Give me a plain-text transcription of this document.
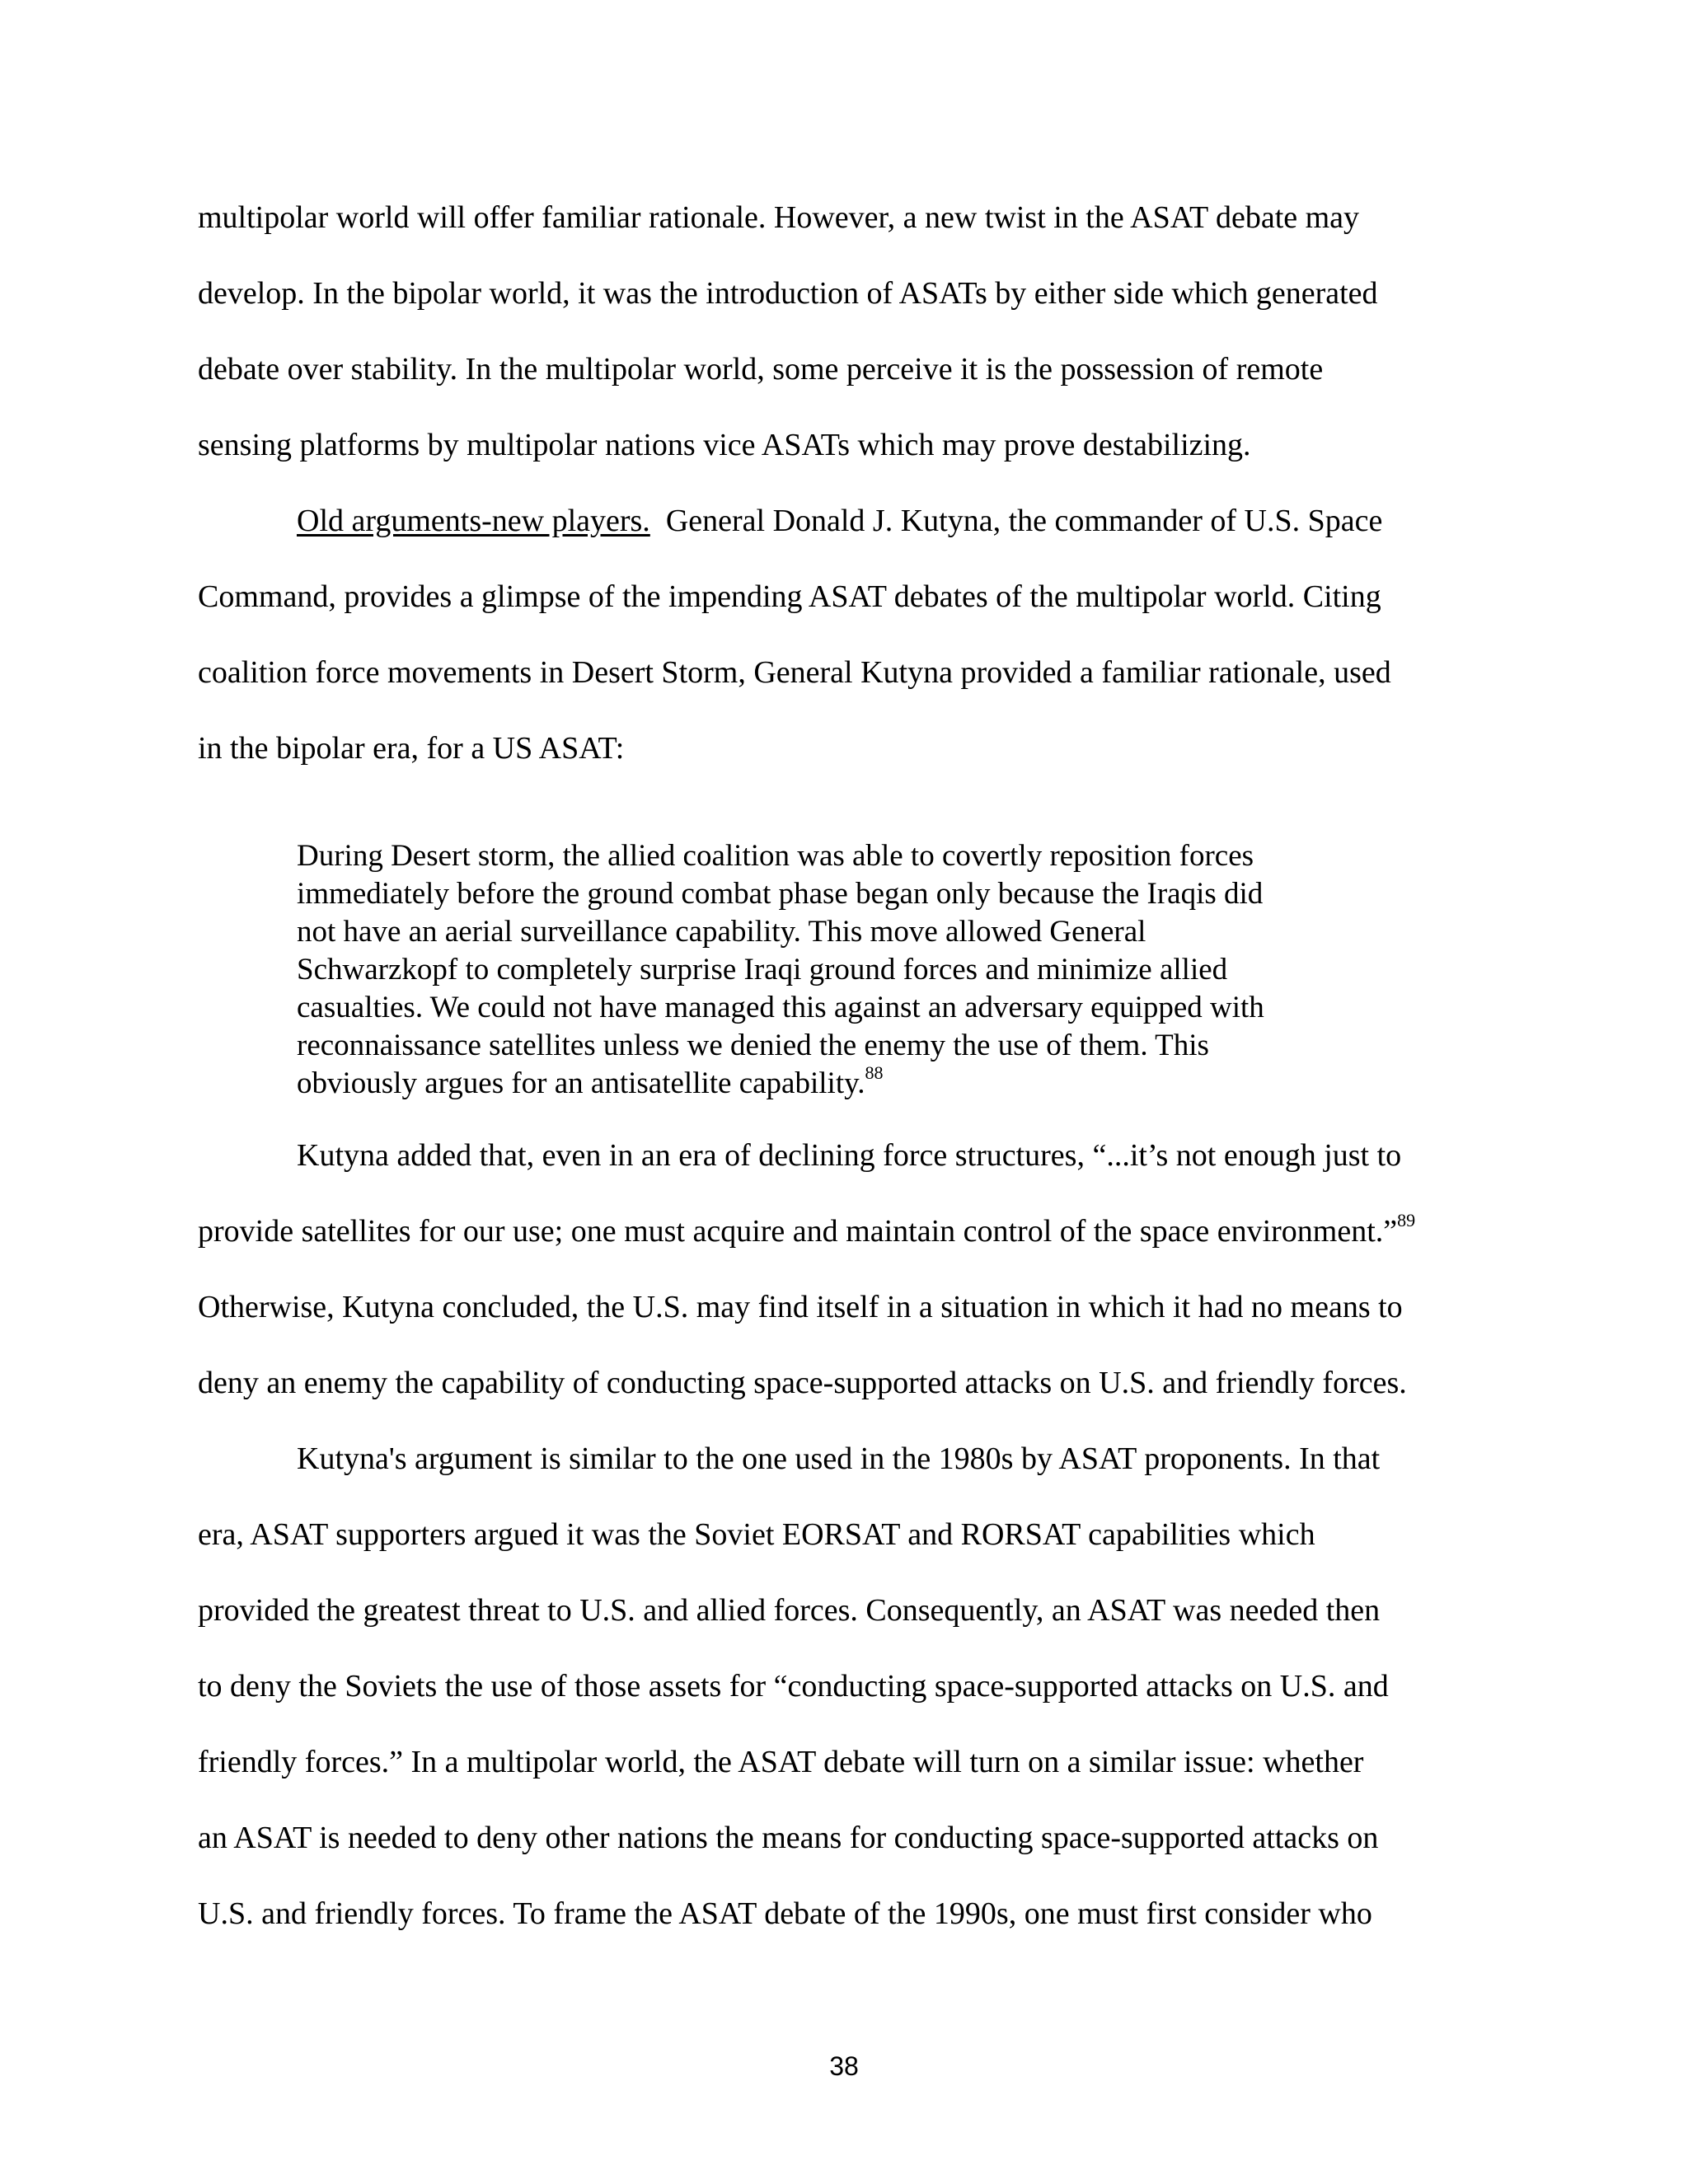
multipolar world will offer familiar rationale. However, a new twist in the ASAT debate may
develop. In the bipolar world, it was the introduction of ASATs by either side which generated
debate over stability. In the multipolar world, some perceive it is the possession of remote
sensing platforms by multipolar nations vice ASATs which may prove destabilizing.
Old arguments-new players.  General Donald J. Kutyna, the commander of U.S. Space
Command, provides a glimpse of the impending ASAT debates of the multipolar world. Citing
coalition force movements in Desert Storm, General Kutyna provided a familiar rationale, used
in the bipolar era, for a US ASAT:
During Desert storm, the allied coalition was able to covertly reposition forces
immediately before the ground combat phase began only because the Iraqis did
not have an aerial surveillance capability. This move allowed General
Schwarzkopf to completely surprise Iraqi ground forces and minimize allied
casualties. We could not have managed this against an adversary equipped with
reconnaissance satellites unless we denied the enemy the use of them. This
obviously argues for an antisatellite capability.$^{88}$
Kutyna added that, even in an era of declining force structures, “...it’s not enough just to
provide satellites for our use; one must acquire and maintain control of the space environment.”$^{89}$
Otherwise, Kutyna concluded, the U.S. may find itself in a situation in which it had no means to
deny an enemy the capability of conducting space-supported attacks on U.S. and friendly forces.
Kutyna's argument is similar to the one used in the 1980s by ASAT proponents. In that
era, ASAT supporters argued it was the Soviet EORSAT and RORSAT capabilities which
provided the greatest threat to U.S. and allied forces. Consequently, an ASAT was needed then
to deny the Soviets the use of those assets for “conducting space-supported attacks on U.S. and
friendly forces.” In a multipolar world, the ASAT debate will turn on a similar issue: whether
an ASAT is needed to deny other nations the means for conducting space-supported attacks on
U.S. and friendly forces. To frame the ASAT debate of the 1990s, one must first consider who
38
